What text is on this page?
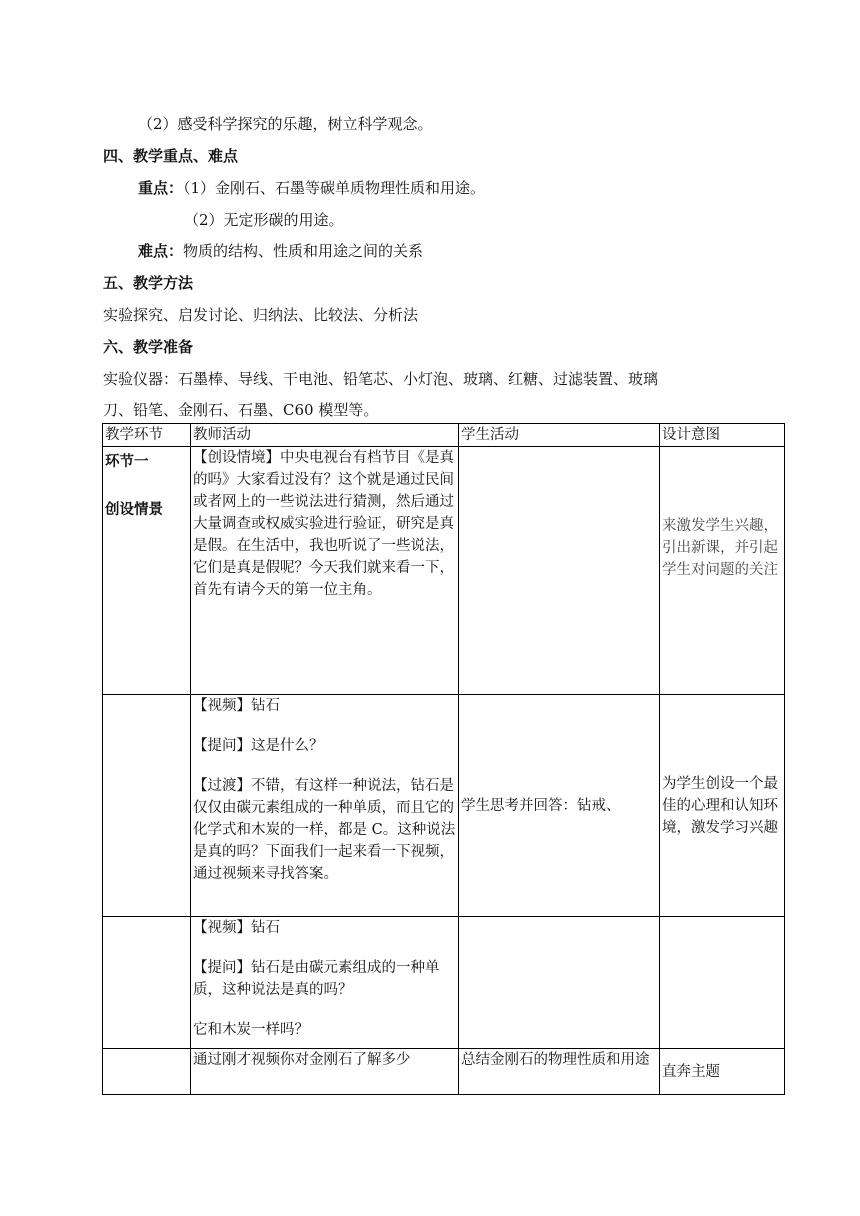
（2）感受科学探究的乐趣，树立科学观念。
四、教学重点、难点
重点：（1）金刚石、石墨等碳单质物理性质和用途。
（2）无定形碳的用途。
难点：物质的结构、性质和用途之间的关系
五、教学方法
实验探究、启发讨论、归纳法、比较法、分析法
六、教学准备
实验仪器：石墨棒、导线、干电池、铅笔芯、小灯泡、玻璃、红糖、过滤装置、玻璃
刀、铅笔、金刚石、石墨、C60 模型等。
教学环节	教师活动	学生活动	设计意图

环节一
创设情景	【创设情境】中央电视台有档节目《是真的吗》大家看过没有？这个就是通过民间或者网上的一些说法进行猜测，然后通过大量调查或权威实验进行验证，研究是真是假。在生活中，我也听说了一些说法，它们是真是假呢？今天我们就来看一下，首先有请今天的第一位主角。		来激发学生兴趣，引出新课，并引起学生对问题的关注

	【视频】钻石
【提问】这是什么？
【过渡】不错，有这样一种说法，钻石是仅仅由碳元素组成的一种单质，而且它的化学式和木炭的一样，都是 C。这种说法是真的吗？下面我们一起来看一下视频，通过视频来寻找答案。	学生思考并回答：钻戒、	为学生创设一个最佳的心理和认知环境，激发学习兴趣

	【视频】钻石
【提问】钻石是由碳元素组成的一种单质，这种说法是真的吗？
它和木炭一样吗？		

	通过刚才视频你对金刚石了解多少	总结金刚石的物理性质和用途	直奔主题
